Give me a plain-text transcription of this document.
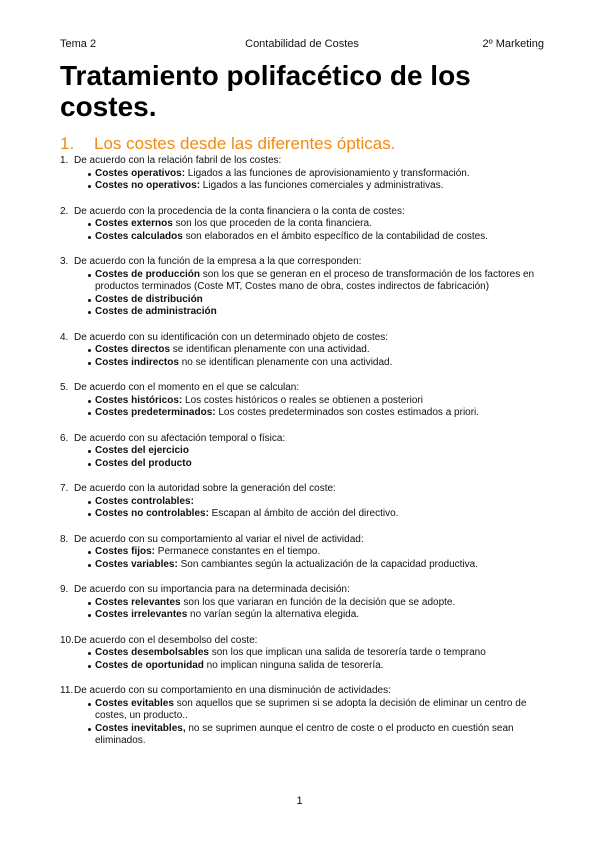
Tema 2	Contabilidad de Costes	2º Marketing
Tratamiento polifacético de los costes.
1. Los costes desde las diferentes ópticas.
1. De acuerdo con la relación fabril de los costes:
Costes operativos: Ligados a las funciones de aprovisionamiento y transformación.
Costes no operativos: Ligados a las funciones comerciales y administrativas.
2. De acuerdo con la procedencia de la conta financiera o la conta de costes:
Costes externos son los que proceden de la conta financiera.
Costes calculados son elaborados en el ámbito específico de la contabilidad de costes.
3. De acuerdo con la función de la empresa a la que corresponden:
Costes de producción son los que se generan en el proceso de transformación de los factores en productos terminados (Coste MT, Costes mano de obra, costes indirectos de fabricación)
Costes de distribución
Costes de administración
4. De acuerdo con su identificación con un determinado objeto de costes:
Costes directos se identifican plenamente con una actividad.
Costes indirectos no se identifican plenamente con una actividad.
5. De acuerdo con el momento en el que se calculan:
Costes históricos: Los costes históricos o reales se obtienen a posteriori
Costes predeterminados: Los costes predeterminados son costes estimados a priori.
6. De acuerdo con su afectación temporal o física:
Costes del ejercicio
Costes del producto
7. De acuerdo con la autoridad sobre la generación del coste:
Costes controlables:
Costes no controlables: Escapan al ámbito de acción del directivo.
8. De acuerdo con su comportamiento al variar el nivel de actividad:
Costes fijos: Permanece constantes en el tiempo.
Costes variables: Son cambiantes según la actualización de la capacidad productiva.
9. De acuerdo con su importancia para na determinada decisión:
Costes relevantes son los que variaran en función de la decisión que se adopte.
Costes irrelevantes no varían según la alternativa elegida.
10. De acuerdo con el desembolso del coste:
Costes desembolsables son los que implican una salida de tesorería tarde o temprano
Costes de oportunidad no implican ninguna salida de tesorería.
11. De acuerdo con su comportamiento en una disminución de actividades:
Costes evitables son aquellos que se suprimen si se adopta la decisión de eliminar un centro de costes, un producto..
Costes inevitables, no se suprimen aunque el centro de coste o el producto en cuestión sean eliminados.
1
